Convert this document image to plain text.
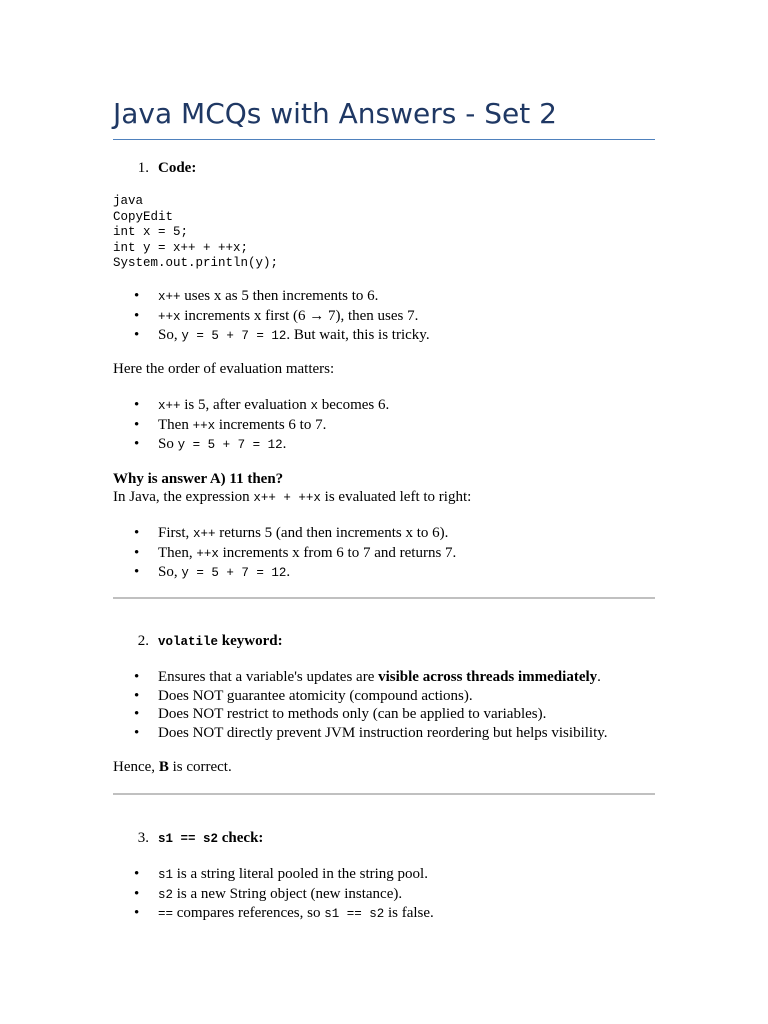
Java MCQs with Answers - Set 2
1. Code:
java
CopyEdit
int x = 5;
int y = x++ + ++x;
System.out.println(y);
• x++ uses x as 5 then increments to 6.
• ++x increments x first (6 → 7), then uses 7.
• So, y = 5 + 7 = 12. But wait, this is tricky.

Here the order of evaluation matters:

• x++ is 5, after evaluation x becomes 6.
• Then ++x increments 6 to 7.
• So y = 5 + 7 = 12.

Why is answer A) 11 then?

In Java, the expression x++ + ++x is evaluated left to right:

• First, x++ returns 5 (and then increments x to 6).
• Then, ++x increments x from 6 to 7 and returns 7.
• So, y = 5 + 7 = 12.
2. volatile keyword:
• Ensures that a variable's updates are visible across threads immediately.
• Does NOT guarantee atomicity (compound actions).
• Does NOT restrict to methods only (can be applied to variables).
• Does NOT directly prevent JVM instruction reordering but helps visibility.

Hence, B is correct.

3. s1 == s2 check:
• s1 is a string literal pooled in the string pool.
• s2 is a new String object (new instance).
• == compares references, so s1 == s2 is false.
